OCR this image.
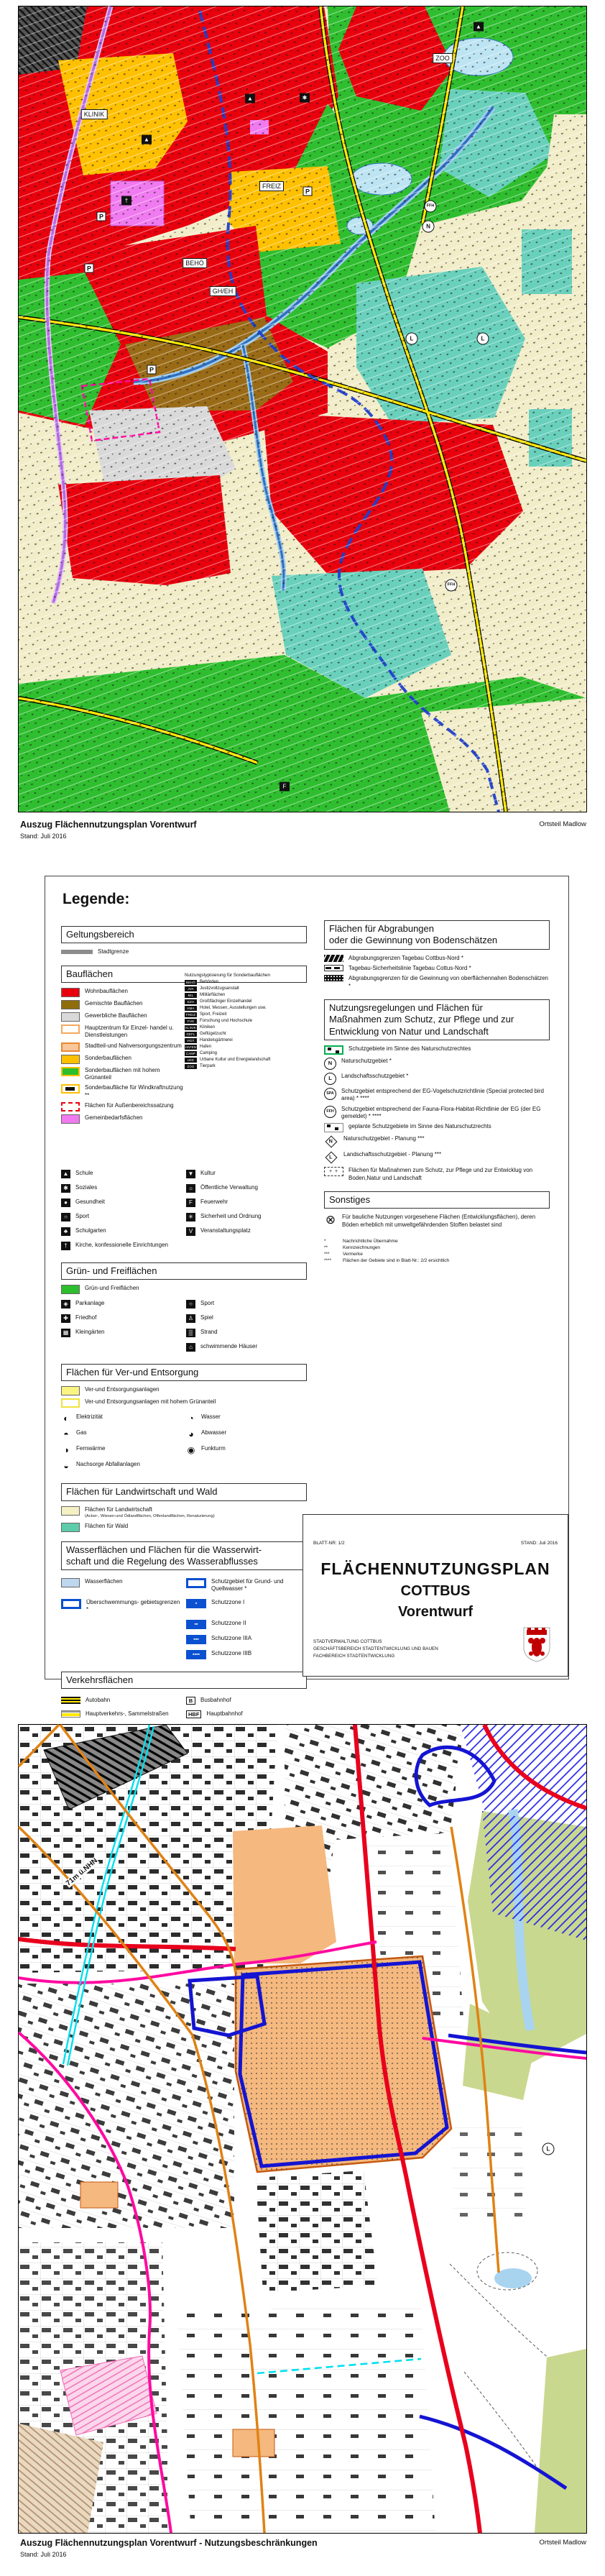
KLINIK
ZOO
FREIZ
BEHÖ
GH/EH
FFH
N
L	L
FFH
P
P
P
P
▲
▲	✱
▲
F
†
Auszug Flächennutzungsplan Vorentwurf
Stand: Juli 2016
Ortsteil Madlow
Legende:
Geltungsbereich
Stadtgrenze
Bauflächen
Wohnbauflächen
Gemischte Bauflächen
Gewerbliche Bauflächen
Hauptzentrum für Einzel- handel u. Dienstleistungen
Stadtteil-und Nahversorgungszentrum
Sonderbauflächen
Sonderbauflächen mit hohem Grünanteil
Sonderbaufläche für Windkraftnutzung **
Flächen für Außenbereichssatzung
Gemeinbedarfsflächen
Nutzungstypisierung für Sonderbauflächen
BEHÖ	Behörden
JVA	Justizvollzugsanstalt
MIL	Militärflächen
EZH	Großflächiger Einzelhandel
HMA	Hotel, Messen, Ausstellungen usw.
FREIZ Sport, Freizeit
FHS	Forschung und Hochschule
KLINIK Kliniken
GEFL	Geflügelzucht
HGÄ	Handelsgärtnerei
HAFEN Hafen
CAMP Camping
UKE	Urbane Kultur und Energielandschaft
ZOO	Tierpark
▲	Schule	▼	Kultur
✱	Soziales	☼	Öffentliche Verwaltung
●	Gesundheit	F	Feuerwehr
○	Sport	✳	Sicherheit und Ordnung
♣	Schulgarten	V	Veranstaltungsplatz
†	Kirche, konfessionelle Einrichtungen
Grün- und Freiflächen
Grün-und Freiflächen
◈	Parkanlage	○	Sport
✚	Friedhof	♙	Spiel
▦	Kleingärten	▒	Strand
⌂	schwimmende Häuser
Flächen für Ver-und Entsorgung
Ver-und Entsorgungsanlagen
Ver-und Entsorgungsanlagen mit hohem Grünanteil
◐	Elektrizität	◔	Wasser
◓	Gas	◕	Abwasser
◑	Fernwärme	◉ Funkturm
◒	Nachsorge Abfallanlagen
Flächen für Landwirtschaft und Wald
Flächen für Landwirtschaft
(Acker-, Wiesen-und Ödlandflächen, Offenlandflächen, Renaturierung)
Flächen für Wald
Wasserflächen und Flächen für die Wasserwirt-
schaft und die Regelung des Wasserabflusses
Wasserflächen	Schutzgebiet für Grund- und Quellwasser *
Überschwemmungs- gebietsgrenzen *
▪	Schutzzone I
▪▪	Schutzzone II
▪▪▪	Schutzzone IIIA
▪▪▪▪	Schutzzone IIIB
Verkehrsflächen
Autobahn	B	Busbahnhof
Hauptverkehrs-, Sammelstraßen	HBF	Hauptbahnhof
Flächen für Abgrabungen
oder die Gewinnung von Bodenschätzen
Abgrabungsgrenzen Tagebau Cottbus-Nord *
Tagebau-Sicherheitslinie Tagebau Cottus-Nord *
Abgrabungsgrenzen für die Gewinnung von oberflächennahen Bodenschätzen *
Nutzungsregelungen und Flächen für
Maßnahmen zum Schutz, zur Pflege und zur
Entwicklung von Natur und Landschaft
Schutzgebiete im Sinne des Naturschutzrechtes
N	Naturschutzgebiet *
L	Landschaftsschutzgebiet *
SPA	Schutzgebiet entsprechend der EG-Vogelschutzrichtlinie (Special protected bird area) * ****
FFH	Schutzgebiet entsprechend der Fauna-Flora-Habitat-Richtlinie der EG (der EG gemeldet) * ****
geplante Schutzgebiete im Sinne des Naturschutzrechts
N
Naturschutzgebiet - Planung ***
L
Landschaftsschutzgebiet - Planung ***
+ +	Flächen für Maßnahmen zum Schutz, zur Pflege und zur Entwicklug von Boden,Natur und Landschaft
Sonstiges
⊗ Für bauliche Nutzungen vorgesehene Flächen (Entwicklungsflächen), deren Böden erheblich mit umweltgefährdenden Stoffen belastet sind
*	Nachrichtliche Übernahme
**	Kennzeichnungen
***	Vermerke
****	Flächen der Gebiete sind in Blatt-Nr.: 2/2 ersichtlich
BLATT-NR: 1/2	STAND: Juli 2016
FLÄCHENNUTZUNGSPLAN
COTTBUS
Vorentwurf
STADTVERWALTUNG COTTBUS
GESCHÄFTSBEREICH STADTENTWICKLUNG UND BAUEN
FACHBEREICH STADTENTWICKLUNG
71m ü.NHN
L
Auszug Flächennutzungsplan Vorentwurf - Nutzungsbeschränkungen
Stand: Juli 2016
Ortsteil Madlow
